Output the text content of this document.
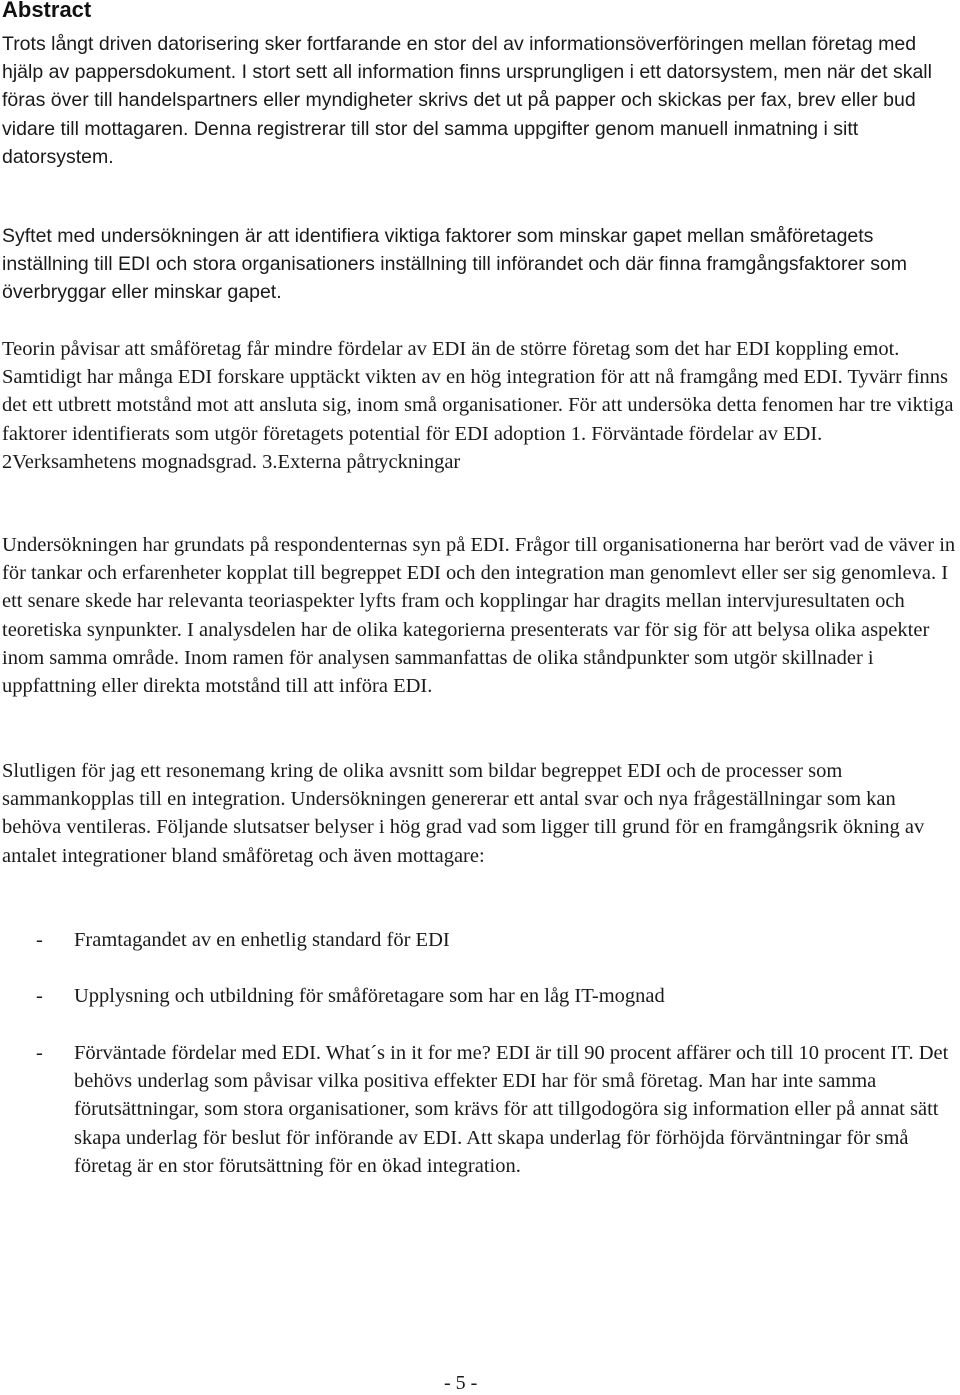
Abstract

Trots långt driven datorisering sker fortfarande en stor del av informationsöverföringen mellan företag med hjälp av pappersdokument. I stort sett all information finns ursprungligen i ett datorsystem, men när det skall föras över till handelspartners eller myndigheter skrivs det ut på papper och skickas per fax, brev eller bud vidare till mottagaren. Denna registrerar till stor del samma uppgifter genom manuell inmatning i sitt datorsystem.

Syftet med undersökningen är att identifiera viktiga faktorer som minskar gapet mellan småföretagets inställning till EDI och stora organisationers inställning till införandet och där finna framgångsfaktorer som överbryggar eller minskar gapet.

Teorin påvisar att småföretag får mindre fördelar av EDI än de större företag som det har EDI koppling emot. Samtidigt har många EDI forskare upptäckt vikten av en hög integration för att nå framgång med EDI. Tyvärr finns det ett utbrett motstånd mot att ansluta sig, inom små organisationer. För att undersöka detta fenomen har tre viktiga faktorer identifierats som utgör företagets potential för EDI adoption 1. Förväntade fördelar av EDI. 2Verksamhetens mognadsgrad. 3.Externa påtryckningar

Undersökningen har grundats på respondenternas syn på EDI. Frågor till organisationerna har berört vad de väver in för tankar och erfarenheter kopplat till begreppet EDI och den integration man genomlevt eller ser sig genomleva. I ett senare skede har relevanta teoriaspekter lyfts fram och kopplingar har dragits mellan intervjuresultaten och teoretiska synpunkter. I analysdelen har de olika kategorierna presenterats var för sig för att belysa olika aspekter inom samma område. Inom ramen för analysen sammanfattas de olika ståndpunkter som utgör skillnader i uppfattning eller direkta motstånd till att införa EDI.

Slutligen för jag ett resonemang kring de olika avsnitt som bildar begreppet EDI och de processer som sammankopplas till en integration. Undersökningen genererar ett antal svar och nya frågeställningar som kan behöva ventileras. Följande slutsatser belyser i hög grad vad som ligger till grund för en framgångsrik ökning av antalet integrationer bland småföretag och även mottagare:

- Framtagandet av en enhetlig standard för EDI
- Upplysning och utbildning för småföretagare som har en låg IT-mognad
- Förväntade fördelar med EDI. What´s in it for me? EDI är till 90 procent affärer och till 10 procent IT. Det behövs underlag som påvisar vilka positiva effekter EDI har för små företag. Man har inte samma förutsättningar, som stora organisationer, som krävs för att tillgodogöra sig information eller på annat sätt skapa underlag för beslut för införande av EDI. Att skapa underlag för förhöjda förväntningar för små företag är en stor förutsättning för en ökad integration.

- 5 -
